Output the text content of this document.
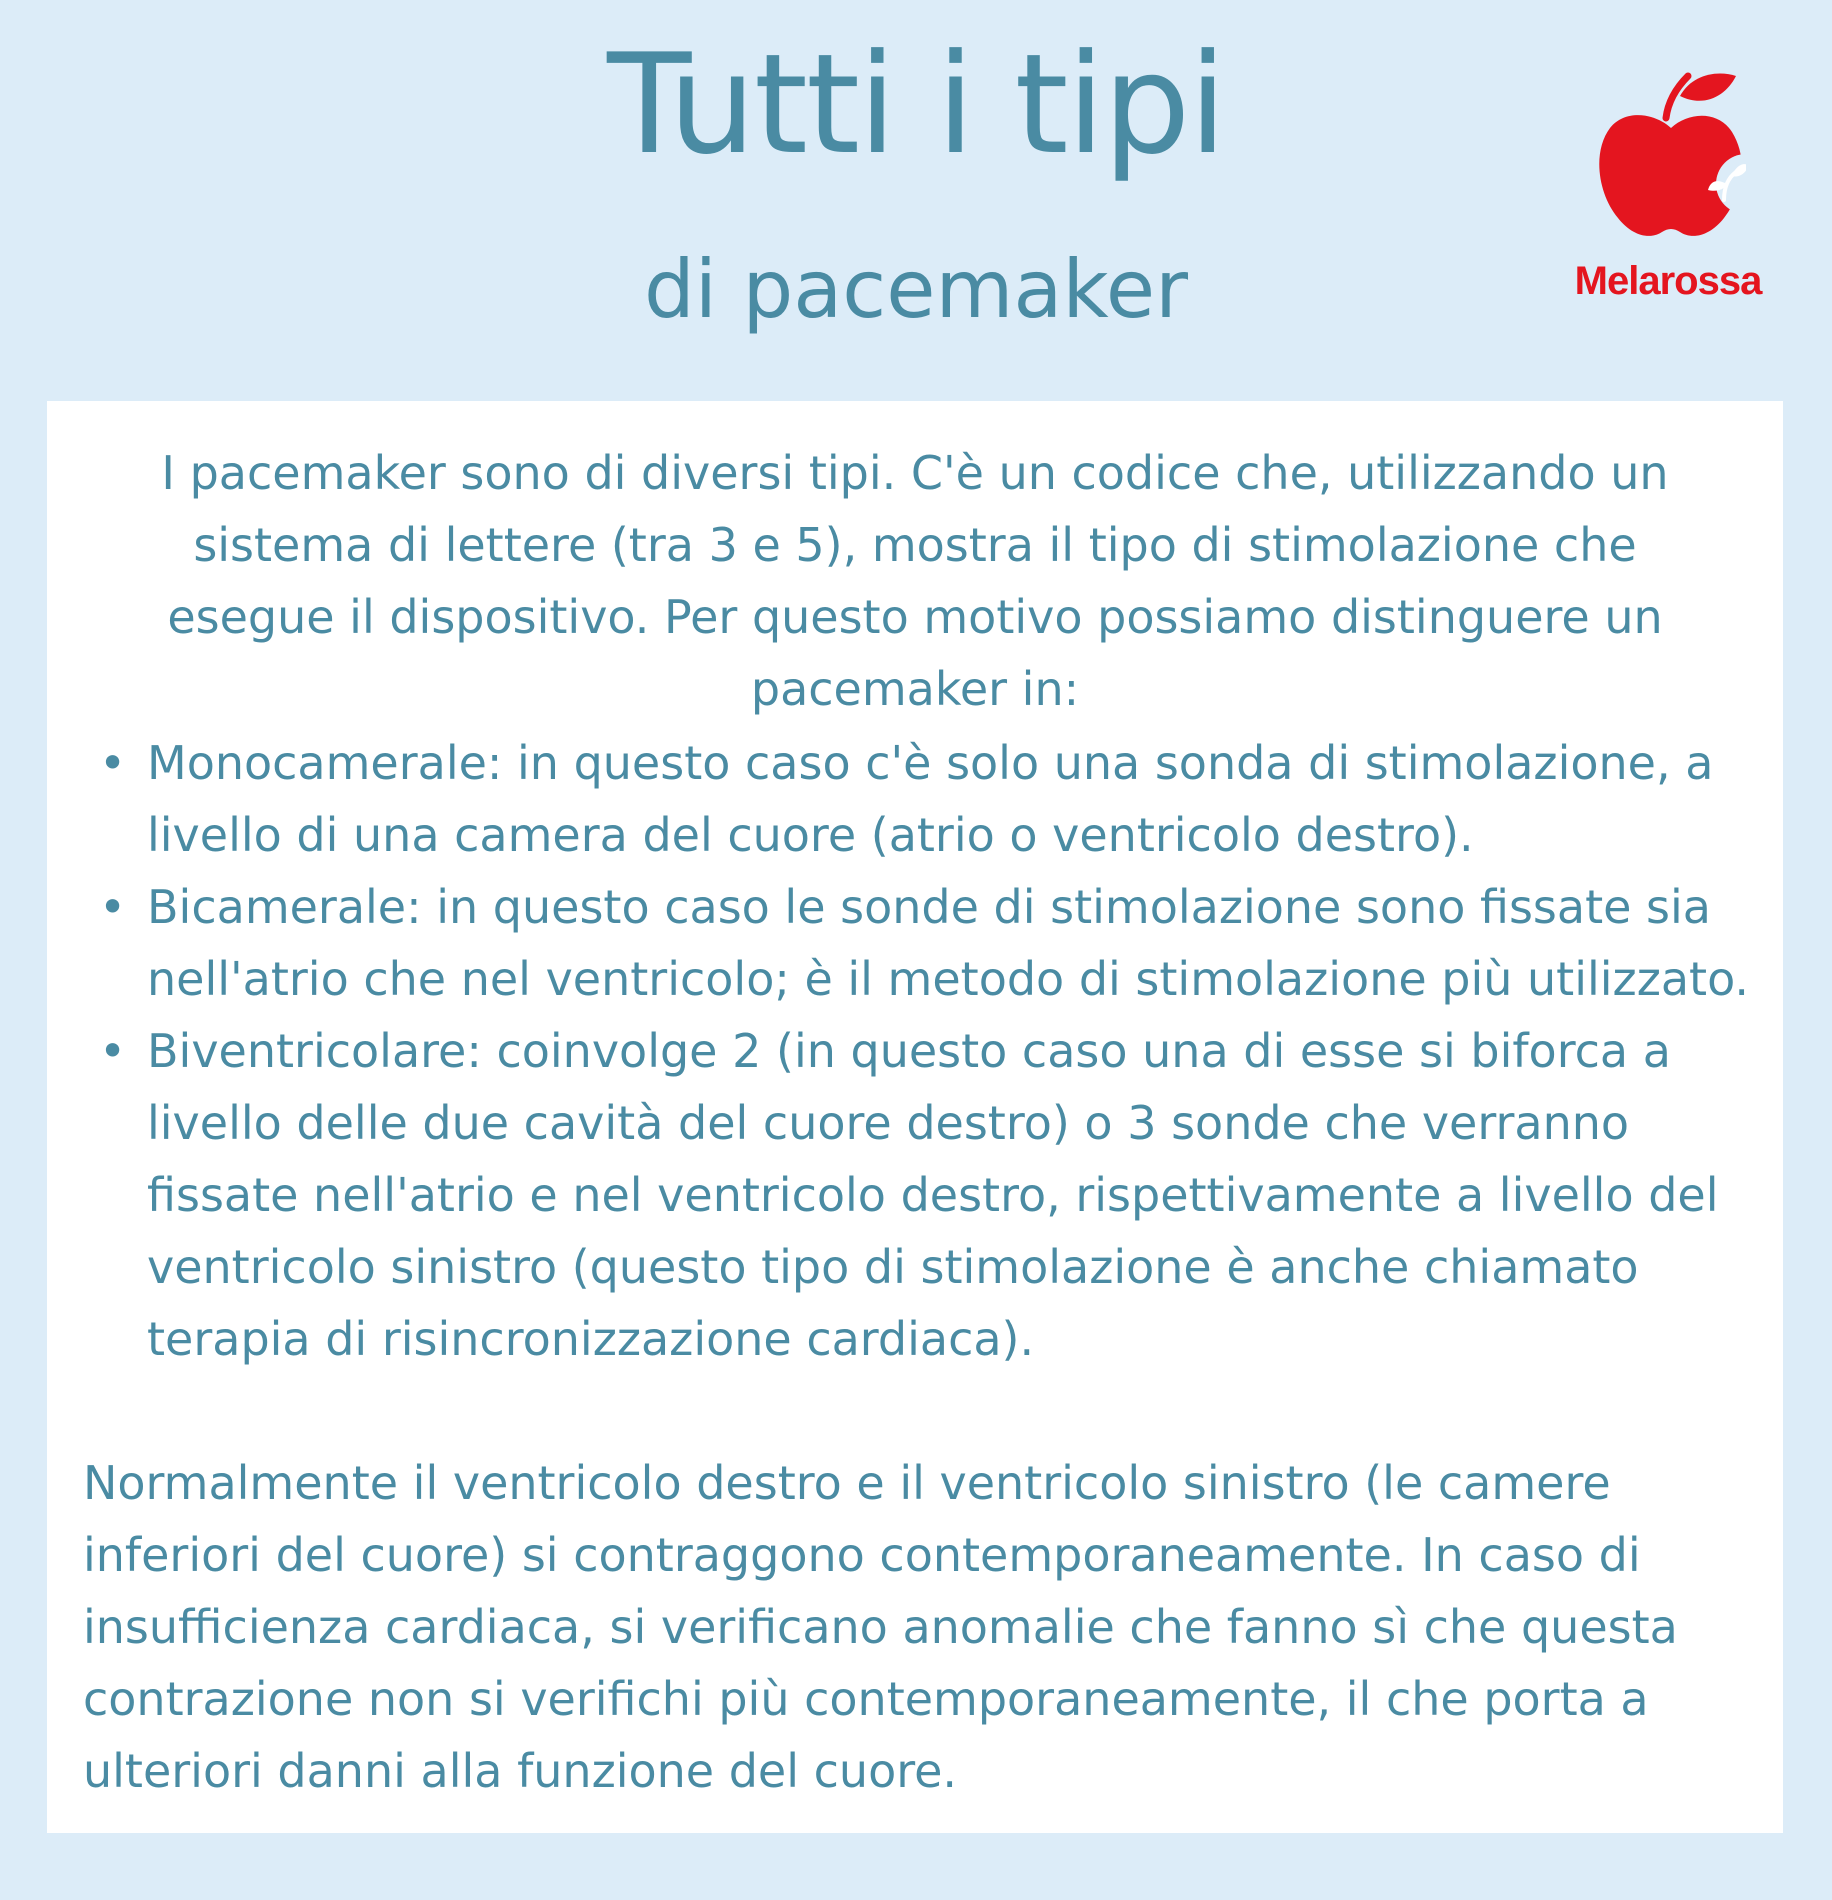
Tutti i tipi
di pacemaker	Melarossa

I pacemaker sono di diversi tipi. C'è un codice che, utilizzando un sistema di lettere (tra 3 e 5), mostra il tipo di stimolazione che esegue il dispositivo. Per questo motivo possiamo distinguere un pacemaker in:

• Monocamerale: in questo caso c'è solo una sonda di stimolazione, a livello di una camera del cuore (atrio o ventricolo destro).
• Bicamerale: in questo caso le sonde di stimolazione sono fissate sia nell'atrio che nel ventricolo; è il metodo di stimolazione più utilizzato.
• Biventricolare: coinvolge 2 (in questo caso una di esse si biforca a livello delle due cavità del cuore destro) o 3 sonde che verranno fissate nell'atrio e nel ventricolo destro, rispettivamente a livello del ventricolo sinistro (questo tipo di stimolazione è anche chiamato terapia di risincronizzazione cardiaca).

Normalmente il ventricolo destro e il ventricolo sinistro (le camere inferiori del cuore) si contraggono contemporaneamente. In caso di insufficienza cardiaca, si verificano anomalie che fanno sì che questa contrazione non si verifichi più contemporaneamente, il che porta a ulteriori danni alla funzione del cuore.
